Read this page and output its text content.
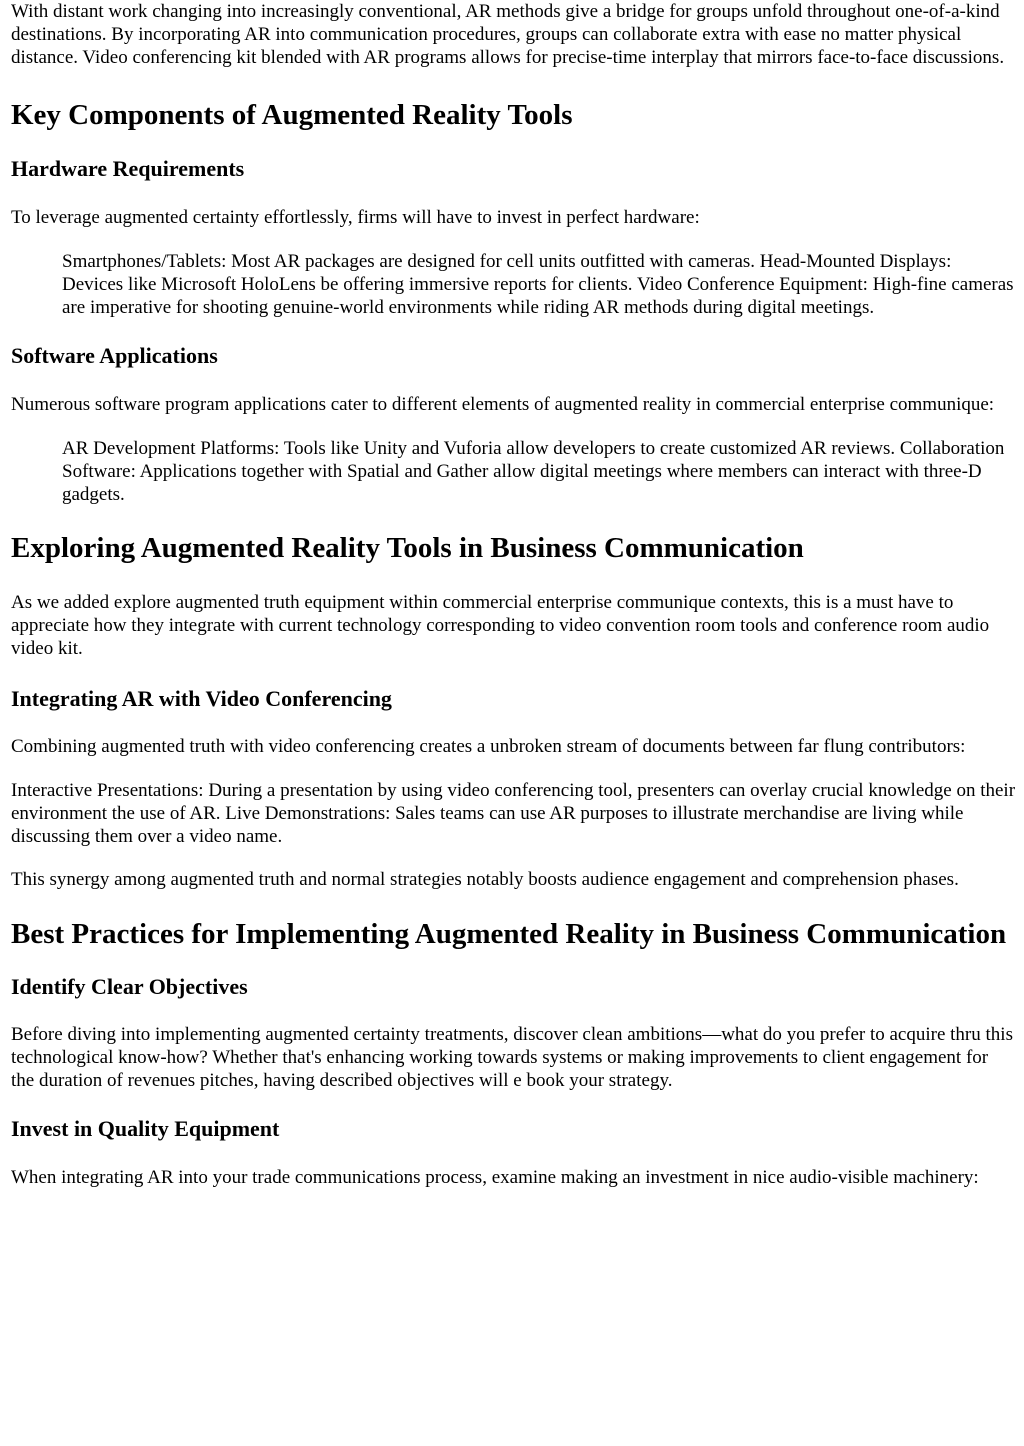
With distant work changing into increasingly conventional, AR methods give a bridge for groups unfold throughout one-of-a-kind destinations. By incorporating AR into communication procedures, groups can collaborate extra with ease no matter physical distance. Video conferencing kit blended with AR programs allows for precise-time interplay that mirrors face-to-face discussions.

Key Components of Augmented Reality Tools
Hardware Requirements

To leverage augmented certainty effortlessly, firms will have to invest in perfect hardware:

Smartphones/Tablets: Most AR packages are designed for cell units outfitted with cameras. Head-Mounted Displays: Devices like Microsoft HoloLens be offering immersive reports for clients. Video Conference Equipment: High-fine cameras are imperative for shooting genuine-world environments while riding AR methods during digital meetings.
Software Applications

Numerous software program applications cater to different elements of augmented reality in commercial enterprise communique:

AR Development Platforms: Tools like Unity and Vuforia allow developers to create customized AR reviews. Collaboration Software: Applications together with Spatial and Gather allow digital meetings where members can interact with three-D gadgets.
Exploring Augmented Reality Tools in Business Communication

As we added explore augmented truth equipment within commercial enterprise communique contexts, this is a must have to appreciate how they integrate with current technology corresponding to video convention room tools and conference room audio video kit.

Integrating AR with Video Conferencing

Combining augmented truth with video conferencing creates a unbroken stream of documents between far flung contributors:

Interactive Presentations: During a presentation by using video conferencing tool, presenters can overlay crucial knowledge on their environment the use of AR. Live Demonstrations: Sales teams can use AR purposes to illustrate merchandise are living while discussing them over a video name.

This synergy among augmented truth and normal strategies notably boosts audience engagement and comprehension phases.

Best Practices for Implementing Augmented Reality in Business Communication
Identify Clear Objectives

Before diving into implementing augmented certainty treatments, discover clean ambitions—what do you prefer to acquire thru this technological know-how? Whether that's enhancing working towards systems or making improvements to client engagement for the duration of revenues pitches, having described objectives will e book your strategy.

Invest in Quality Equipment

When integrating AR into your trade communications process, examine making an investment in nice audio-visible machinery:
